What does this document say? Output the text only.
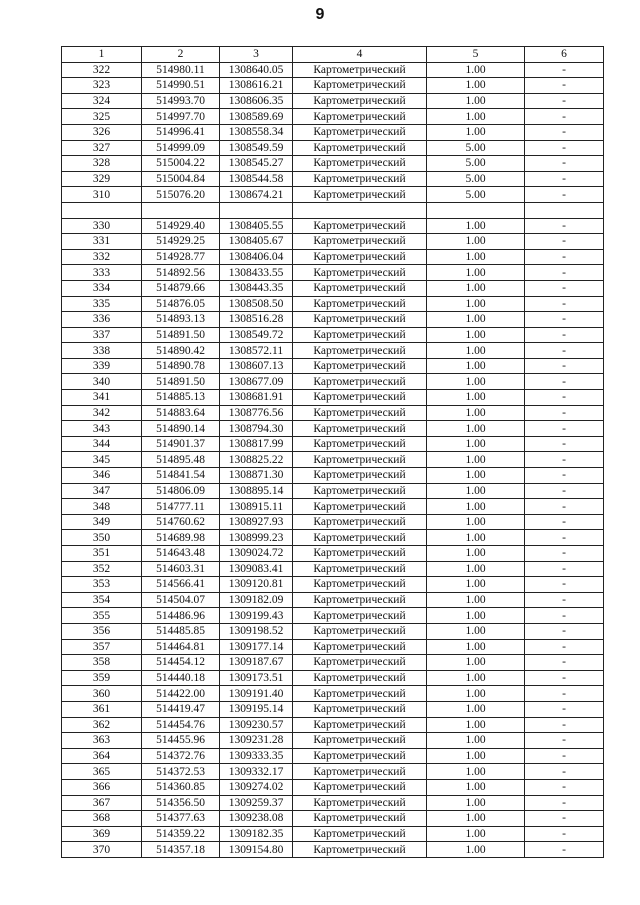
9
1	2	3	4	5	6
322	514980.11	1308640.05	Картометрический	1.00	-
323	514990.51	1308616.21	Картометрический	1.00	-
324	514993.70	1308606.35	Картометрический	1.00	-
325	514997.70	1308589.69	Картометрический	1.00	-
326	514996.41	1308558.34	Картометрический	1.00	-
327	514999.09	1308549.59	Картометрический	5.00	-
328	515004.22	1308545.27	Картометрический	5.00	-
329	515004.84	1308544.58	Картометрический	5.00	-
310	515076.20	1308674.21	Картометрический	5.00	-

330	514929.40	1308405.55	Картометрический	1.00	-
331	514929.25	1308405.67	Картометрический	1.00	-
332	514928.77	1308406.04	Картометрический	1.00	-
333	514892.56	1308433.55	Картометрический	1.00	-
334	514879.66	1308443.35	Картометрический	1.00	-
335	514876.05	1308508.50	Картометрический	1.00	-
336	514893.13	1308516.28	Картометрический	1.00	-
337	514891.50	1308549.72	Картометрический	1.00	-
338	514890.42	1308572.11	Картометрический	1.00	-
339	514890.78	1308607.13	Картометрический	1.00	-
340	514891.50	1308677.09	Картометрический	1.00	-
341	514885.13	1308681.91	Картометрический	1.00	-
342	514883.64	1308776.56	Картометрический	1.00	-
343	514890.14	1308794.30	Картометрический	1.00	-
344	514901.37	1308817.99	Картометрический	1.00	-
345	514895.48	1308825.22	Картометрический	1.00	-
346	514841.54	1308871.30	Картометрический	1.00	-
347	514806.09	1308895.14	Картометрический	1.00	-
348	514777.11	1308915.11	Картометрический	1.00	-
349	514760.62	1308927.93	Картометрический	1.00	-
350	514689.98	1308999.23	Картометрический	1.00	-
351	514643.48	1309024.72	Картометрический	1.00	-
352	514603.31	1309083.41	Картометрический	1.00	-
353	514566.41	1309120.81	Картометрический	1.00	-
354	514504.07	1309182.09	Картометрический	1.00	-
355	514486.96	1309199.43	Картометрический	1.00	-
356	514485.85	1309198.52	Картометрический	1.00	-
357	514464.81	1309177.14	Картометрический	1.00	-
358	514454.12	1309187.67	Картометрический	1.00	-
359	514440.18	1309173.51	Картометрический	1.00	-
360	514422.00	1309191.40	Картометрический	1.00	-
361	514419.47	1309195.14	Картометрический	1.00	-
362	514454.76	1309230.57	Картометрический	1.00	-
363	514455.96	1309231.28	Картометрический	1.00	-
364	514372.76	1309333.35	Картометрический	1.00	-
365	514372.53	1309332.17	Картометрический	1.00	-
366	514360.85	1309274.02	Картометрический	1.00	-
367	514356.50	1309259.37	Картометрический	1.00	-
368	514377.63	1309238.08	Картометрический	1.00	-
369	514359.22	1309182.35	Картометрический	1.00	-
370	514357.18	1309154.80	Картометрический	1.00	-
